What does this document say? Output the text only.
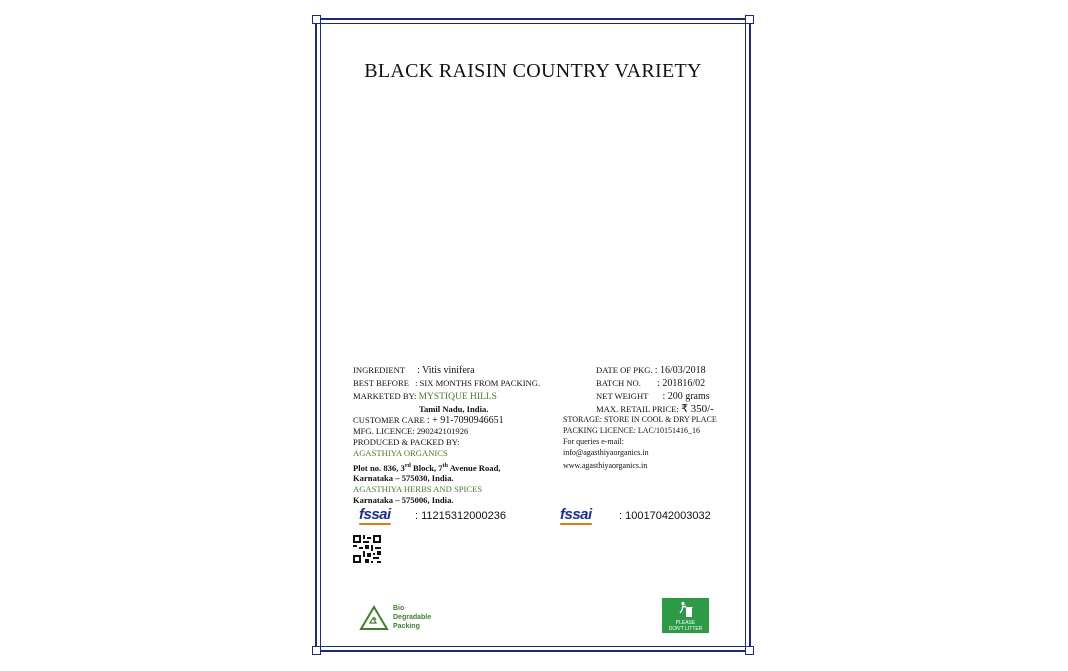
BLACK RAISIN COUNTRY VARIETY
INGREDIENT : Vitis vinifera
BEST BEFORE : SIX MONTHS FROM PACKING.
MARKETED BY: MYSTIQUE HILLS
Tamil Nadu, India.
CUSTOMER CARE : + 91-7090946651
MFG. LICENCE: 290242101926
PRODUCED & PACKED BY:
AGASTHIYA ORGANICS
Plot no. 836, 3rd Block, 7th Avenue Road,
Karnataka – 575030, India.
AGASTHIYA HERBS AND SPICES
Karnataka – 575006, India.
DATE OF PKG. : 16/03/2018
BATCH NO. : 201816/02
NET WEIGHT : 200 grams
MAX. RETAIL PRICE: ₹ 350/-
STORAGE: STORE IN COOL & DRY PLACE
PACKING LICENCE: LAC/10151416_16
For queries e-mail:
info@agasthiyaorganics.in
www.agasthiyaorganics.in
fssai : 11215312000236	fssai : 10017042003032
Bio
Degradable
Packing	PLEASE
DON'T LITTER
